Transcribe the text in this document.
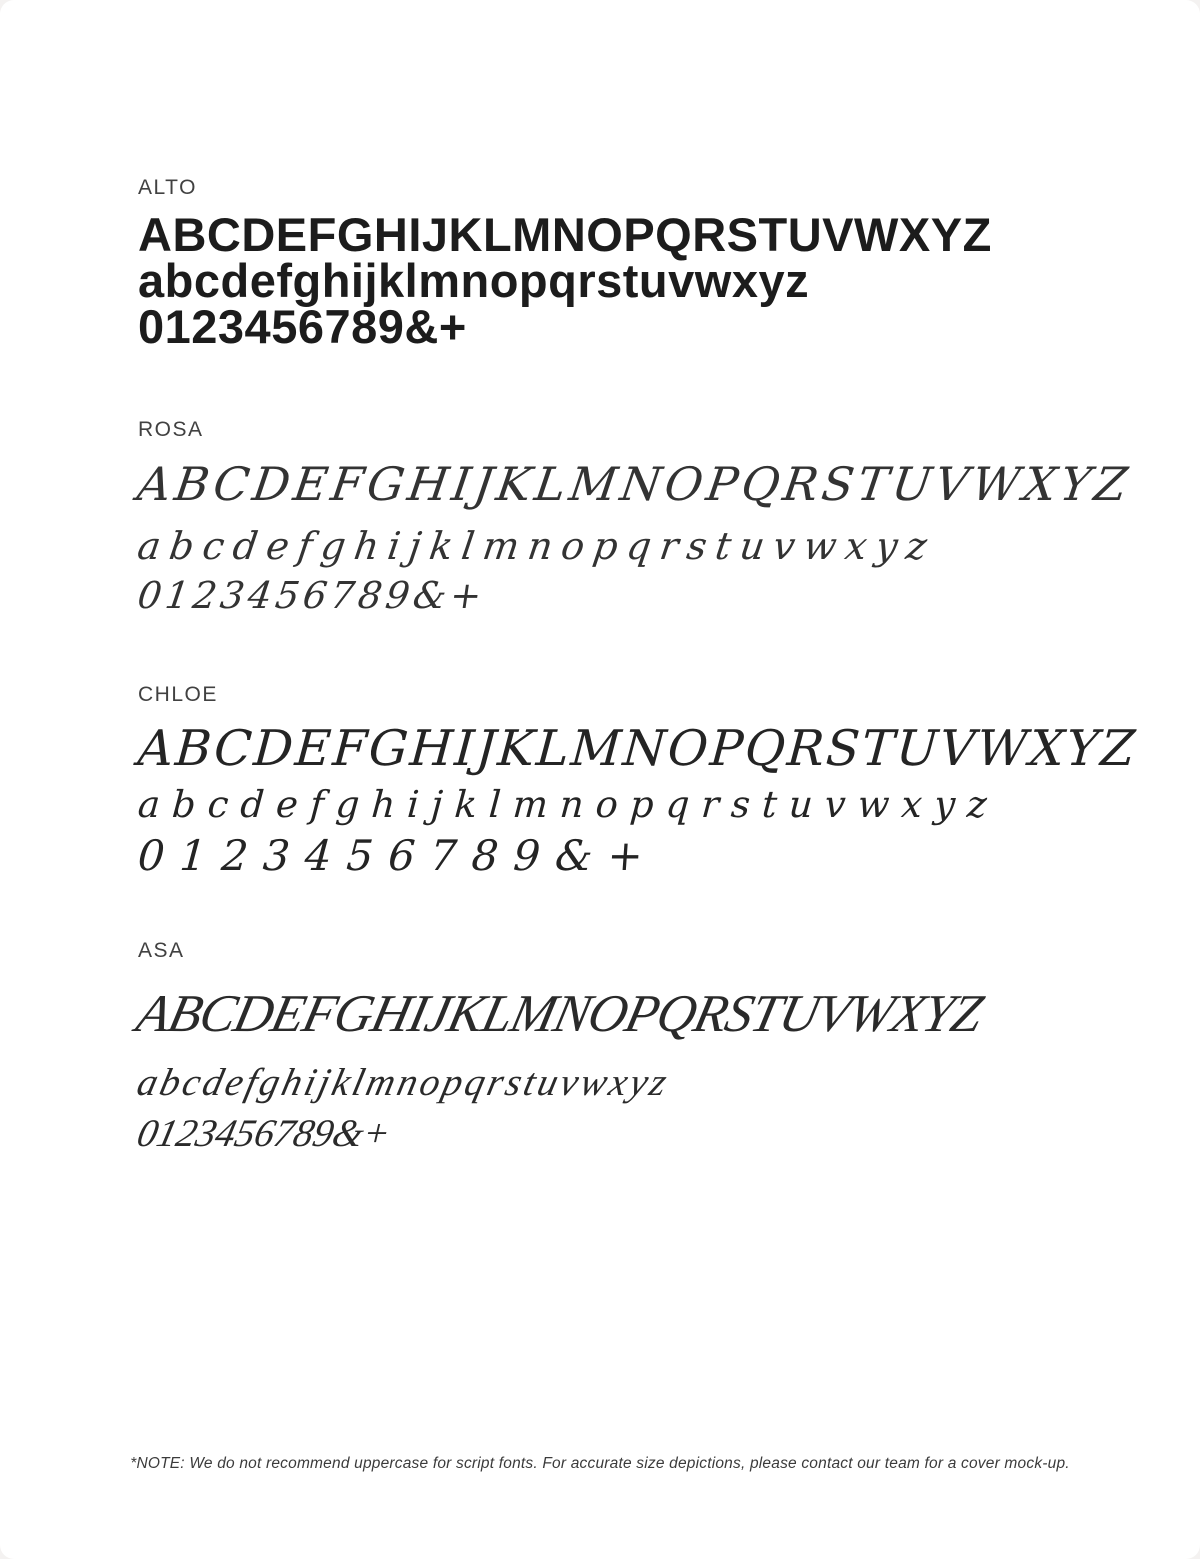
ALTO
ABCDEFGHIJKLMNOPQRSTUVWXYZ
abcdefghijklmnopqrstuvwxyz
0123456789&+
ROSA
ABCDEFGHIJKLMNOPQRSTUVWXYZ
abcdefghijklmnopqrstuvwxyz
0123456789&+
CHLOE
ABCDEFGHIJKLMNOPQRSTUVWXYZ
abcdefghijklmnopqrstuvwxyz
0123456789&+
ASA
ABCDEFGHIJKLMNOPQRSTUVWXYZ
abcdefghijklmnopqrstuvwxyz
0123456789&+
*NOTE: We do not recommend uppercase for script fonts. For accurate size depictions, please contact our team for a cover mock-up.
